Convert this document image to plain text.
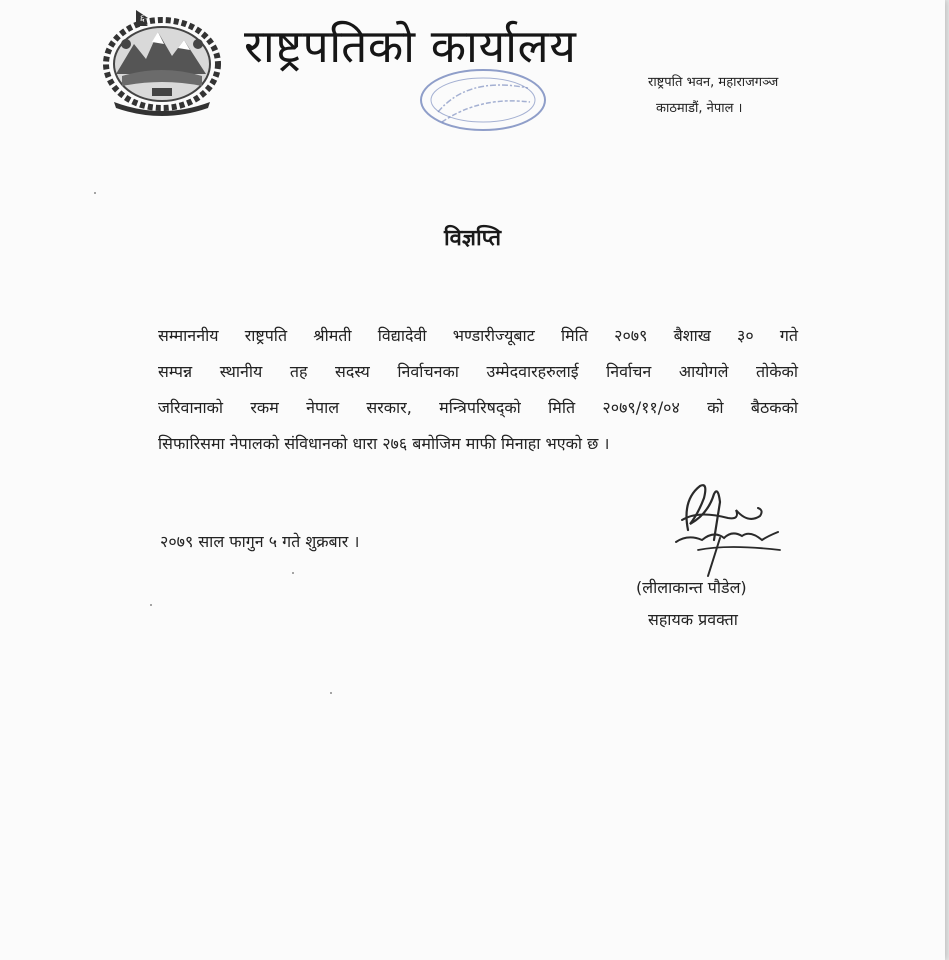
६ राष्ट्रपतिको कार्यालय
राष्ट्रपति भवन, महाराजगञ्ज
काठमाडौं, नेपाल ।
विज्ञप्ति
सम्माननीय राष्ट्रपति श्रीमती विद्यादेवी भण्डारीज्यूबाट मिति २०७९ बैशाख ३० गते
सम्पन्न स्थानीय तह सदस्य निर्वाचनका उम्मेदवारहरुलाई निर्वाचन आयोगले तोकेको
जरिवानाको रकम नेपाल सरकार, मन्त्रिपरिषद्को मिति २०७९/११/०४ को बैठकको
सिफारिसमा नेपालको संविधानको धारा २७६ बमोजिम माफी मिनाहा भएको छ ।
२०७९ साल फागुन ५ गते शुक्रबार ।
(लीलाकान्त पौडेल)
सहायक प्रवक्ता
